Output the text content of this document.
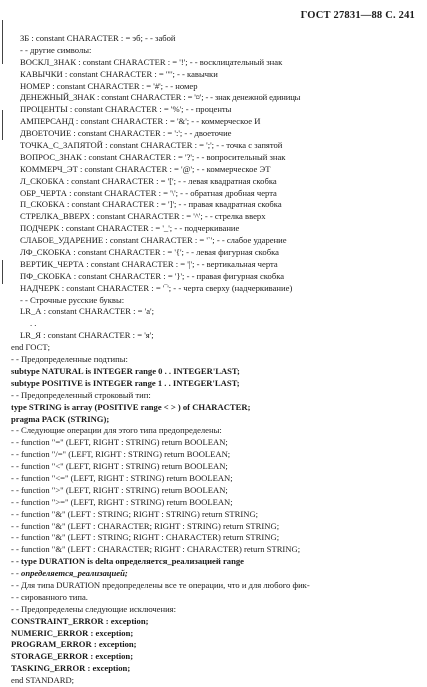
ГОСТ 27831—88 С. 241
ЗБ : constant CHARACTER : = эб; - - забой
- - другие символы:
ВОСКЛ_ЗНАК : constant CHARACTER : = '!'; - - восклицательный знак
КАВЫЧКИ : constant CHARACTER : = '"'; - - кавычки
НОМЕР : constant CHARACTER : = '#'; - - номер
ДЕНЕЖНЫЙ_ЗНАК : constant CHARACTER : = '¤'; - - знак денежной единицы
ПРОЦЕНТЫ : constant CHARACTER : = '%'; - - проценты
АМПЕРСАНД : constant CHARACTER : = '&'; - - коммерческое И
ДВОЕТОЧИЕ : constant CHARACTER : = ':'; - - двоеточие
ТОЧКА_С_ЗАПЯТОЙ : constant CHARACTER : = ';'; - - точка с запятой
ВОПРОС_ЗНАК : constant CHARACTER : = '?'; - - вопросительный знак
КОММЕРЧ_ЭТ : constant CHARACTER : = '@'; - - коммерческое ЭТ
Л_СКОБКА : constant CHARACTER : = '['; - - левая квадратная скобка
ОБР_ЧЕРТА : constant CHARACTER : = '\'; - - обратная дробная черта
П_СКОБКА : constant CHARACTER : = ']'; - - правая квадратная скобка
СТРЕЛКА_ВВЕРХ : constant CHARACTER : = '^'; - - стрелка вверх
ПОДЧЕРК : constant CHARACTER : = '_'; - - подчеркивание
СЛАБОЕ_УДАРЕНИЕ : constant CHARACTER : = '`'; - - слабое ударение
ЛФ_СКОБКА : constant CHARACTER : = '{'; - - левая фигурная скобка
ВЕРТИК_ЧЕРТА : constant CHARACTER : = '|'; - - вертикальная черта
ПФ_СКОБКА : constant CHARACTER : = '}'; - - правая фигурная скобка
НАДЧЕРК : constant CHARACTER : = '‾'; - - черта сверху (надчеркивание)
- - Строчные русские буквы:
LR_А : constant CHARACTER : = 'а';
. .
LR_Я : constant CHARACTER : = 'я';
end ГОСТ;
- - Предопределенные подтипы:
subtype NATURAL is INTEGER range 0 . . INTEGER'LAST;
subtype POSITIVE is INTEGER range 1 . . INTEGER'LAST;
- - Предопределенный строковый тип:
type STRING is array (POSITIVE range < > ) of CHARACTER;
pragma PACK (STRING);
- - Следующие операции для этого типа предопределены:
- - function "=" (LEFT, RIGHT : STRING) return BOOLEAN;
- - function "/=" (LEFT, RIGHT : STRING) return BOOLEAN;
- - function "<" (LEFT, RIGHT : STRING) return BOOLEAN;
- - function "<=" (LEFT, RIGHT : STRING) return BOOLEAN;
- - function ">" (LEFT, RIGHT : STRING) return BOOLEAN;
- - function ">=" (LEFT, RIGHT : STRING) return BOOLEAN;
- - function "&" (LEFT : STRING; RIGHT : STRING) return STRING;
- - function "&" (LEFT : CHARACTER; RIGHT : STRING) return STRING;
- - function "&" (LEFT : STRING; RIGHT : CHARACTER) return STRING;
- - function "&" (LEFT : CHARACTER; RIGHT : CHARACTER) return STRING;
- - type DURATION is delta определяется_реализацией range
- - определяется_реализацией;
- - Для типа DURATION предопределены все те операции, что и для любого фик-
- - сированного типа.
- - Предопределены следующие исключения:
CONSTRAINT_ERROR : exception;
NUMERIC_ERROR : exception;
PROGRAM_ERROR : exception;
STORAGE_ERROR : exception;
TASKING_ERROR : exception;
end STANDARD;
